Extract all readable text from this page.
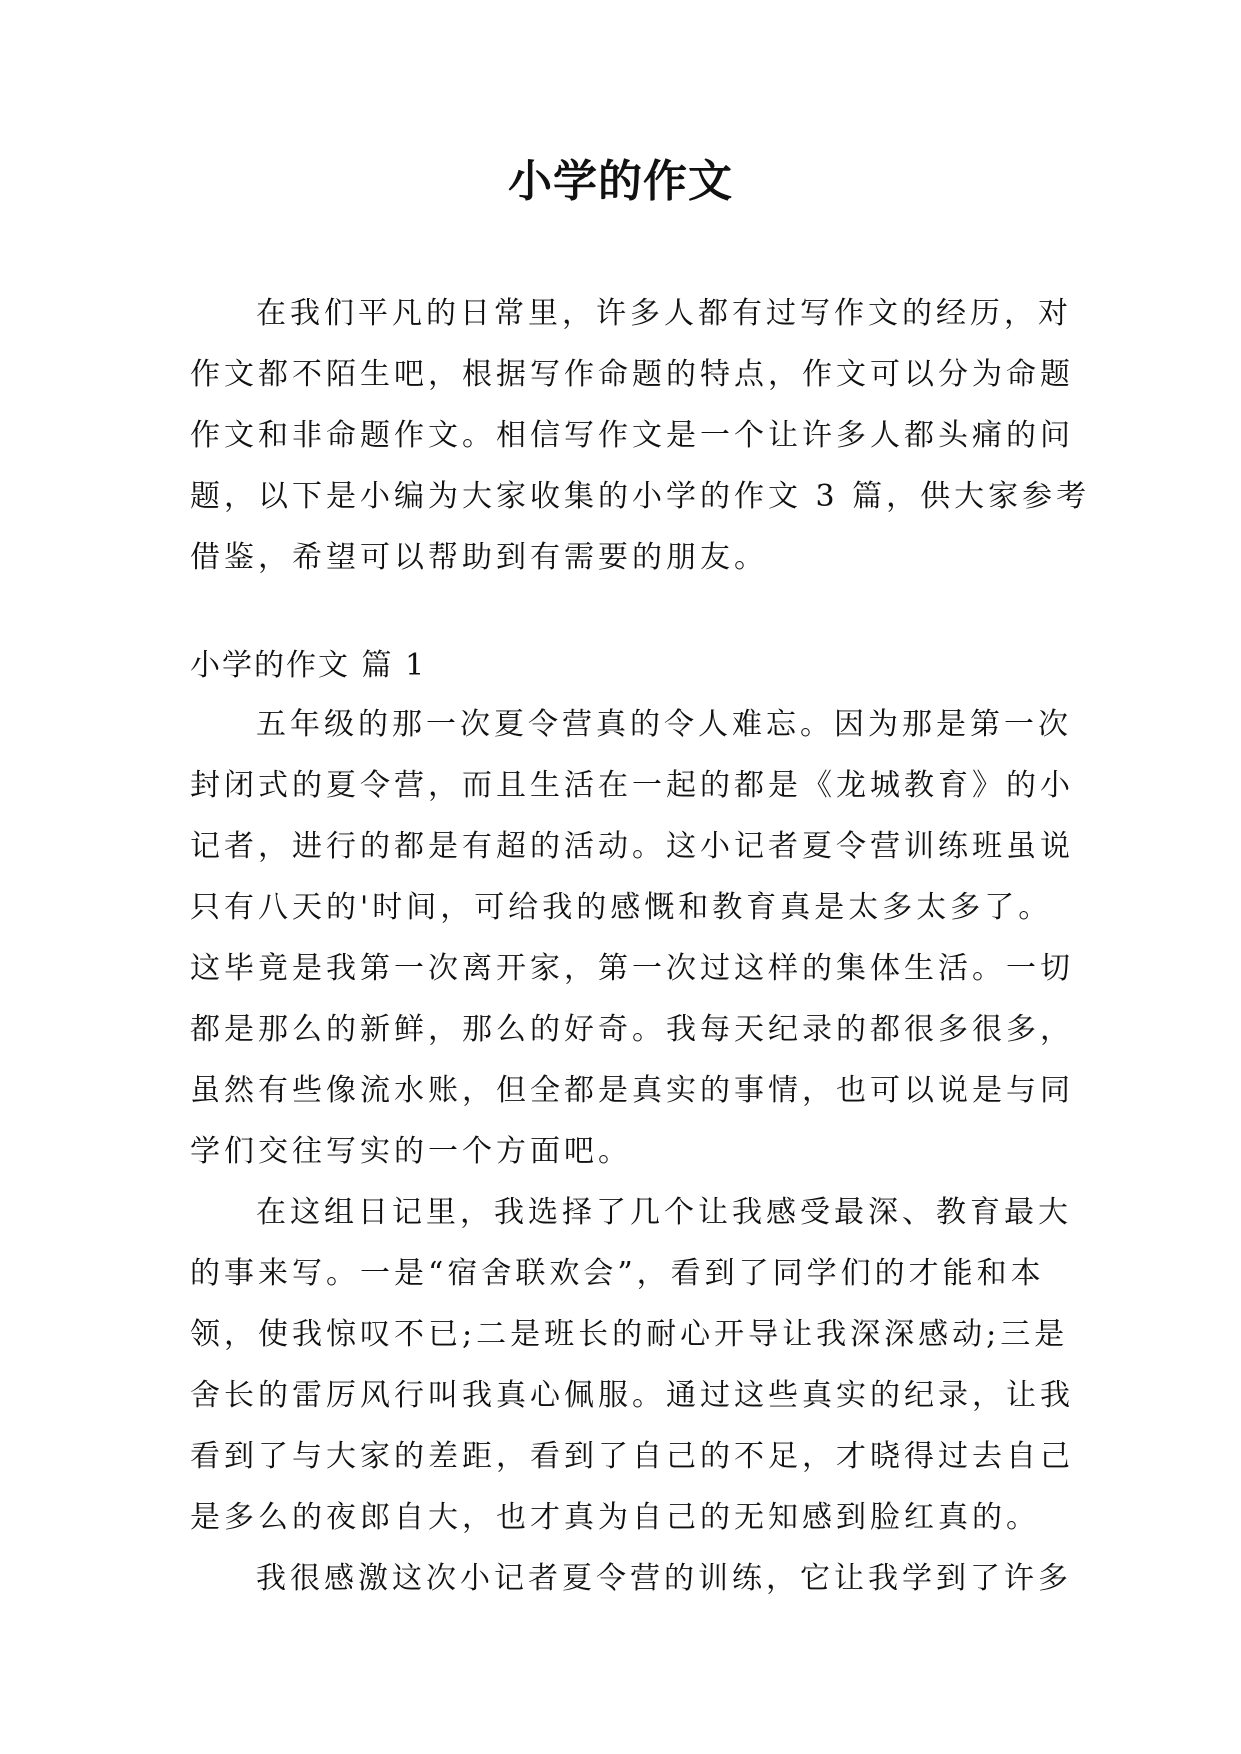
小学的作文

在我们平凡的日常里，许多人都有过写作文的经历，对

作文都不陌生吧，根据写作命题的特点，作文可以分为命题

作文和非命题作文。相信写作文是一个让许多人都头痛的问

题，以下是小编为大家收集的小学的作文 3 篇，供大家参考

借鉴，希望可以帮助到有需要的朋友。

小学的作文 篇 1

五年级的那一次夏令营真的令人难忘。因为那是第一次

封闭式的夏令营，而且生活在一起的都是《龙城教育》的小

记者，进行的都是有超的活动。这小记者夏令营训练班虽说

只有八天的'时间，可给我的感慨和教育真是太多太多了。

这毕竟是我第一次离开家，第一次过这样的集体生活。一切

都是那么的新鲜，那么的好奇。我每天纪录的都很多很多，

虽然有些像流水账，但全都是真实的事情，也可以说是与同

学们交往写实的一个方面吧。

在这组日记里，我选择了几个让我感受最深、教育最大

的事来写。一是“宿舍联欢会”，看到了同学们的才能和本

领，使我惊叹不已;二是班长的耐心开导让我深深感动;三是

舍长的雷厉风行叫我真心佩服。通过这些真实的纪录，让我

看到了与大家的差距，看到了自己的不足，才晓得过去自己

是多么的夜郎自大，也才真为自己的无知感到脸红真的。

我很感激这次小记者夏令营的训练，它让我学到了许多
